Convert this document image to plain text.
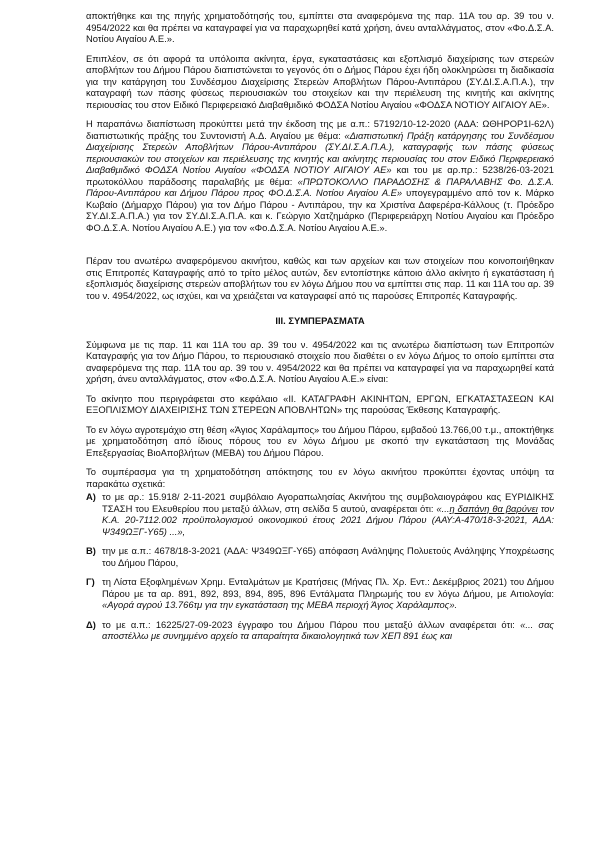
αποκτήθηκε και της πηγής χρηματοδότησής του, εμπίπτει στα αναφερόμενα της παρ. 11Α του αρ. 39 του ν. 4954/2022 και θα πρέπει να καταγραφεί για να παραχωρηθεί κατά χρήση, άνευ ανταλλάγματος, στον «Φο.Δ.Σ.Α. Νοτίου Αιγαίου Α.Ε.».

Επιπλέον, σε ότι αφορά τα υπόλοιπα ακίνητα, έργα, εγκαταστάσεις και εξοπλισμό διαχείρισης των στερεών αποβλήτων του Δήμου Πάρου διαπιστώνεται το γεγονός ότι ο Δήμος Πάρου έχει ήδη ολοκληρώσει τη διαδικασία για την κατάργηση του Συνδέσμου Διαχείρισης Στερεών Αποβλήτων Πάρου-Αντιπάρου (ΣΥ.ΔΙ.Σ.Α.Π.Α.), την καταγραφή των πάσης φύσεως περιουσιακών του στοιχείων και την περιέλευση της κινητής και ακίνητης περιουσίας του στον Ειδικό Περιφερειακό Διαβαθμιδικό ΦΟΔΣΑ Νοτίου Αιγαίου «ΦΟΔΣΑ ΝΟΤΙΟΥ ΑΙΓΑΙΟΥ ΑΕ».

Η παραπάνω διαπίστωση προκύπτει μετά την έκδοση της με α.π.: 57192/10-12-2020 (ΑΔΑ: ΩΘΗΡΟΡ1Ι-62Λ) διαπιστωτικής πράξης του Συντονιστή Α.Δ. Αιγαίου με θέμα: «Διαπιστωτική Πράξη κατάργησης του Συνδέσμου Διαχείρισης Στερεών Αποβλήτων Πάρου-Αντιπάρου (ΣΥ.ΔΙ.Σ.Α.Π.Α.), καταγραφής των πάσης φύσεως περιουσιακών του στοιχείων και περιέλευσης της κινητής και ακίνητης περιουσίας του στον Ειδικό Περιφερειακό Διαβαθμιδικό ΦΟΔΣΑ Νοτίου Αιγαίου «ΦΟΔΣΑ ΝΟΤΙΟΥ ΑΙΓΑΙΟΥ ΑΕ» και του με αρ.πρ.: 5238/26-03-2021 πρωτοκόλλου παράδοσης παραλαβής με θέμα: «ΠΡΩΤΟΚΟΛΛΟ ΠΑΡΑΔΟΣΗΣ & ΠΑΡΑΛΑΒΗΣ Φο. Δ.Σ.Α. Πάρου-Αντιπάρου και Δήμου Πάρου προς ΦΟ.Δ.Σ.Α. Νοτίου Αιγαίου Α.Ε» υπογεγραμμένο από τον κ. Μάρκο Κωβαίο (Δήμαρχο Πάρου) για τον Δήμο Πάρου - Αντιπάρου, την κα Χριστίνα Δαφερέρα-Κάλλους (τ. Πρόεδρο ΣΥ.ΔΙ.Σ.Α.Π.Α.) για τον ΣΥ.ΔΙ.Σ.Α.Π.Α. και κ. Γεώργιο Χατζημάρκο (Περιφερειάρχη Νοτίου Αιγαίου και Πρόεδρο ΦΟ.Δ.Σ.Α. Νοτίου Αιγαίου Α.Ε.) για τον «Φο.Δ.Σ.Α. Νοτίου Αιγαίου Α.Ε.».

Πέραν του ανωτέρω αναφερόμενου ακινήτου, καθώς και των αρχείων και των στοιχείων που κοινοποιήθηκαν στις Επιτροπές Καταγραφής από το τρίτο μέλος αυτών, δεν εντοπίστηκε κάποιο άλλο ακίνητο ή εγκατάσταση ή εξοπλισμός διαχείρισης στερεών αποβλήτων του εν λόγω Δήμου που να εμπίπτει στις παρ. 11 και 11Α του αρ. 39 του ν. 4954/2022, ως ισχύει, και να χρειάζεται να καταγραφεί από τις παρούσες Επιτροπές Καταγραφής.

ΙΙΙ. ΣΥΜΠΕΡΑΣΜΑΤΑ

Σύμφωνα με τις παρ. 11 και 11Α του αρ. 39 του ν. 4954/2022 και τις ανωτέρω διαπίστωση των Επιτροπών Καταγραφής για τον Δήμο Πάρου, το περιουσιακό στοιχείο που διαθέτει ο εν λόγω Δήμος το οποίο εμπίπτει στα αναφερόμενα της παρ. 11Α του αρ. 39 του ν. 4954/2022 και θα πρέπει να καταγραφεί για να παραχωρηθεί κατά χρήση, άνευ ανταλλάγματος, στον «Φο.Δ.Σ.Α. Νοτίου Αιγαίου Α.Ε.» είναι:

Το ακίνητο που περιγράφεται στο κεφάλαιο «ΙΙ. ΚΑΤΑΓΡΑΦΗ ΑΚΙΝΗΤΩΝ, ΕΡΓΩΝ, ΕΓΚΑΤΑΣΤΑΣΕΩΝ ΚΑΙ ΕΞΟΠΛΙΣΜΟΥ ΔΙΑΧΕΙΡΙΣΗΣ ΤΩΝ ΣΤΕΡΕΩΝ ΑΠΟΒΛΗΤΩΝ» της παρούσας Έκθεσης Καταγραφής.

Το εν λόγω αγροτεμάχιο στη θέση «Άγιος Χαράλαμπος» του Δήμου Πάρου, εμβαδού 13.766,00 τ.μ., αποκτήθηκε με χρηματοδότηση από ίδιους πόρους του εν λόγω Δήμου με σκοπό την εγκατάσταση της Μονάδας Επεξεργασίας ΒιοΑποβλήτων (ΜΕΒΑ) του Δήμου Πάρου.

Το συμπέρασμα για τη χρηματοδότηση απόκτησης του εν λόγω ακινήτου προκύπτει έχοντας υπόψη τα παρακάτω σχετικά:

Α) το με αρ.: 15.918/ 2-11-2021 συμβόλαιο Αγοραπωλησίας Ακινήτου της συμβολαιογράφου κας ΕΥΡΙΔΙΚΗΣ ΤΣΑΣΗ του Ελευθερίου που μεταξύ άλλων, στη σελίδα 5 αυτού, αναφέρεται ότι: «...η δαπάνη θα βαρύνει τον Κ.Α. 20-7112.002 προϋπολογισμού οικονομικού έτους 2021 Δήμου Πάρου (ΑΑΥ:Α-470/18-3-2021, ΑΔΑ: Ψ349ΩΞΓ-Υ65) ...»,
Β) την με α.π.: 4678/18-3-2021 (ΑΔΑ: Ψ349ΩΞΓ-Υ65) απόφαση Ανάληψης Πολυετούς Ανάληψης Υποχρέωσης του Δήμου Πάρου,
Γ) τη Λίστα Εξοφλημένων Χρημ. Ενταλμάτων με Κρατήσεις (Μήνας Πλ. Χρ. Εντ.: Δεκέμβριος 2021) του Δήμου Πάρου με τα αρ. 891, 892, 893, 894, 895, 896 Εντάλματα Πληρωμής του εν λόγω Δήμου, με Αιτιολογία: «Αγορά αγρού 13.766τμ για την εγκατάσταση της ΜΕΒΑ περιοχή Άγιος Χαράλαμπος».
Δ) το με α.π.: 16225/27-09-2023 έγγραφο του Δήμου Πάρου που μεταξύ άλλων αναφέρεται ότι: «... σας αποστέλλω με συνημμένο αρχείο τα απαραίτητα δικαιολογητικά των ΧΕΠ 891 έως και
